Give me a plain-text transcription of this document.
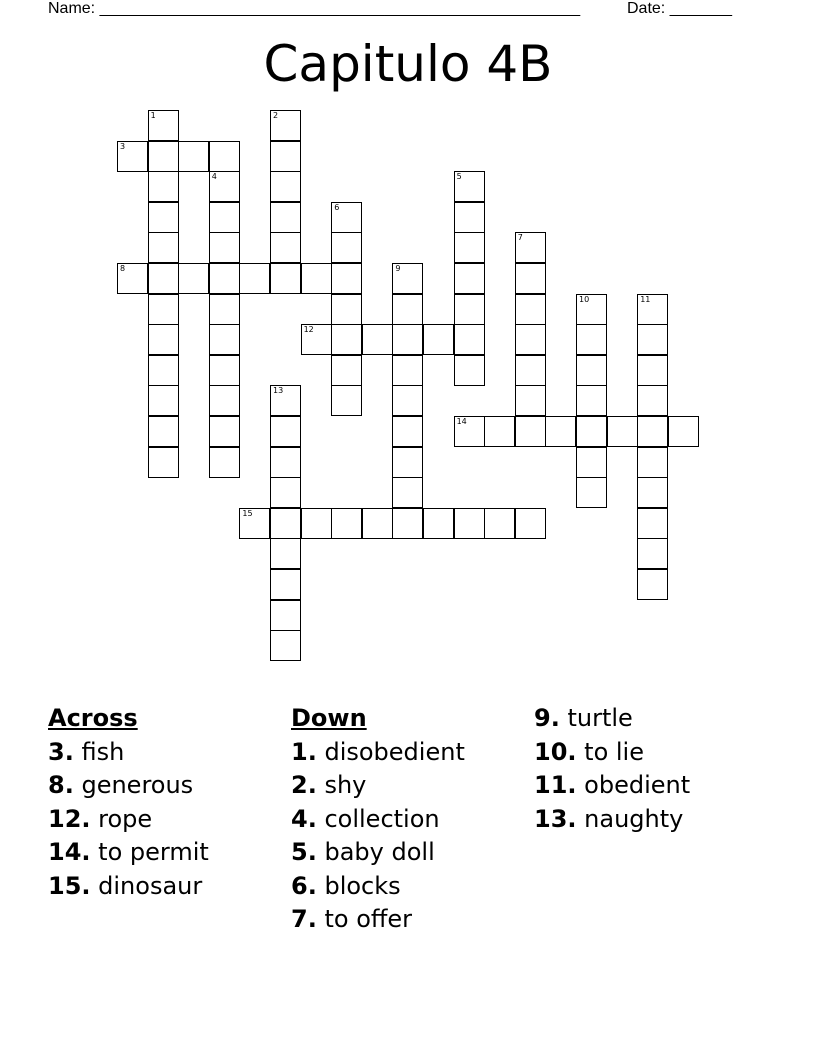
Name: ______________________________________________________	Date: _______
Capitulo 4B
1	2
3
4	5
6
7
8	9
10	11
12
13
14
15
Across
3. fish
8. generous
12. rope
14. to permit
15. dinosaur
Down
1. disobedient
2. shy
4. collection
5. baby doll
6. blocks
7. to offer
9. turtle
10. to lie
11. obedient
13. naughty
